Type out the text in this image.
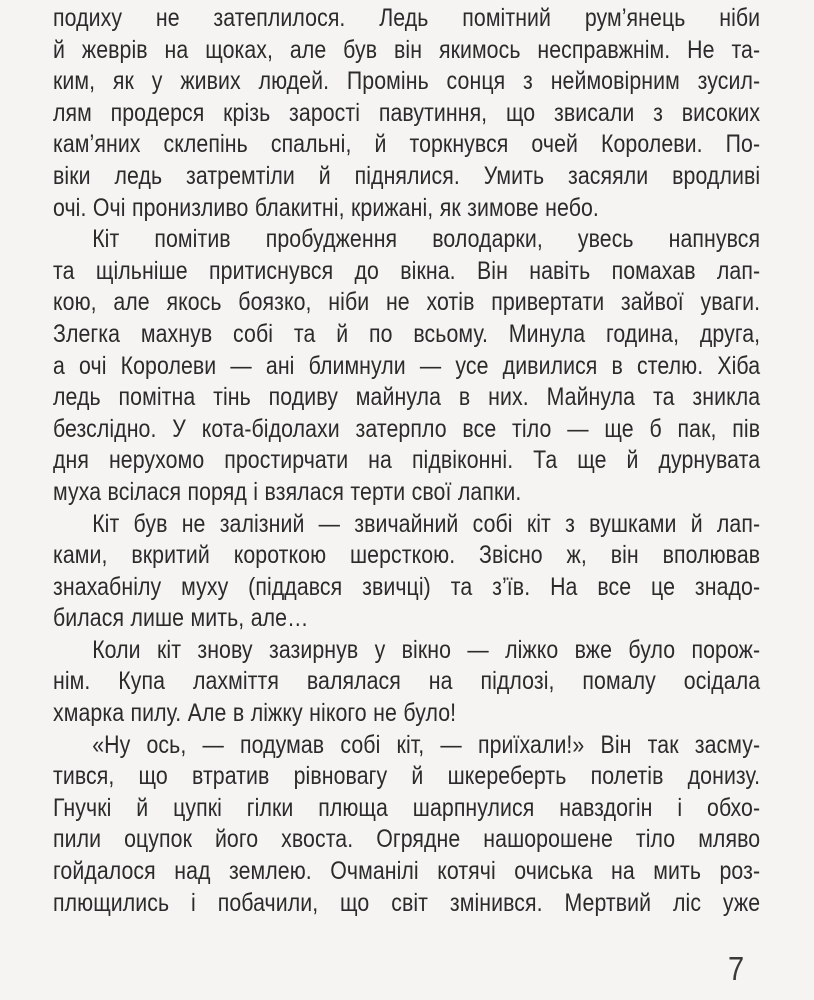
подиху не затеплилося. Ледь помітний рум’янець ніби
й жеврів на щоках, але був він якимось несправжнім. Не та-
ким, як у живих людей. Промінь сонця з неймовірним зусил-
лям продерся крізь зарості павутиння, що звисали з високих
кам’яних склепінь спальні, й торкнувся очей Королеви. По-
віки ледь затремтіли й піднялися. Умить засяяли вродливі
очі. Очі пронизливо блакитні, крижані, як зимове небо.
Кіт помітив пробудження володарки, увесь напнувся
та щільніше притиснувся до вікна. Він навіть помахав лап-
кою, але якось боязко, ніби не хотів привертати зайвої уваги.
Злегка махнув собі та й по всьому. Минула година, друга,
а очі Королеви — ані блимнули — усе дивилися в стелю. Хіба
ледь помітна тінь подиву майнула в них. Майнула та зникла
безслідно. У кота-бідолахи затерпло все тіло — ще б пак, пів
дня нерухомо простирчати на підвіконні. Та ще й дурнувата
муха всілася поряд і взялася терти свої лапки.
Кіт був не залізний — звичайний собі кіт з вушками й лап-
ками, вкритий короткою шерсткою. Звісно ж, він вполював
знахабнілу муху (піддався звичці) та з’їв. На все це знадо-
билася лише мить, але…
Коли кіт знову зазирнув у вікно — ліжко вже було порож-
нім. Купа лахміття валялася на підлозі, помалу осідала
хмарка пилу. Але в ліжку нікого не було!
«Ну ось, — подумав собі кіт, — приїхали!» Він так засму-
тився, що втратив рівновагу й шкереберть полетів донизу.
Гнучкі й цупкі гілки плюща шарпнулися навздогін і обхо-
пили оцупок його хвоста. Огрядне нашорошене тіло мляво
гойдалося над землею. Очманілі котячі очиська на мить роз-
плющились і побачили, що світ змінився. Мертвий ліс уже
7
